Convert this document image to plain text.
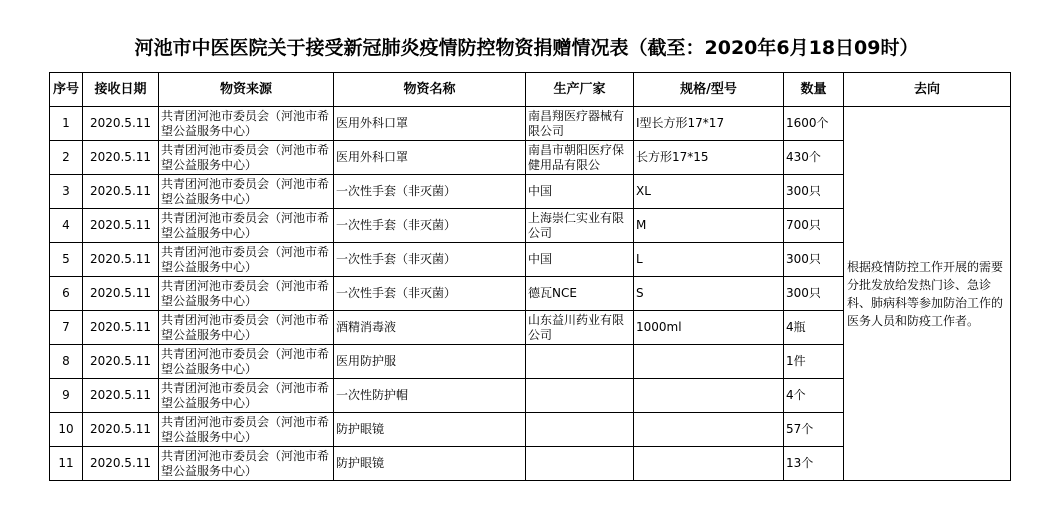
河池市中医医院关于接受新冠肺炎疫情防控物资捐赠情况表（截至：2020年6月18日09时）
序号	接收日期	物资来源	物资名称	生产厂家	规格/型号	数量	去向
1	2020.5.11	共青团河池市委员会（河池市希望公益服务中心）	医用外科口罩	南昌翔医疗器械有限公司	I型长方形17*17	1600个	根据疫情防控工作开展的需要分批发放给发热门诊、急诊科、肺病科等参加防治工作的医务人员和防疫工作者。
2	2020.5.11	共青团河池市委员会（河池市希望公益服务中心）	医用外科口罩	南昌市朝阳医疗保健用品有限公	长方形17*15	430个	
3	2020.5.11	共青团河池市委员会（河池市希望公益服务中心）	一次性手套（非灭菌）	中国	XL	300只	
4	2020.5.11	共青团河池市委员会（河池市希望公益服务中心）	一次性手套（非灭菌）	上海崇仁实业有限公司	M	700只	
5	2020.5.11	共青团河池市委员会（河池市希望公益服务中心）	一次性手套（非灭菌）	中国	L	300只	
6	2020.5.11	共青团河池市委员会（河池市希望公益服务中心）	一次性手套（非灭菌）	德瓦NCE	S	300只	
7	2020.5.11	共青团河池市委员会（河池市希望公益服务中心）	酒精消毒液	山东益川药业有限公司	1000ml	4瓶	
8	2020.5.11	共青团河池市委员会（河池市希望公益服务中心）	医用防护服			1件	
9	2020.5.11	共青团河池市委员会（河池市希望公益服务中心）	一次性防护帽			4个	
10	2020.5.11	共青团河池市委员会（河池市希望公益服务中心）	防护眼镜			57个	
11	2020.5.11	共青团河池市委员会（河池市希望公益服务中心）	防护眼镜			13个	
